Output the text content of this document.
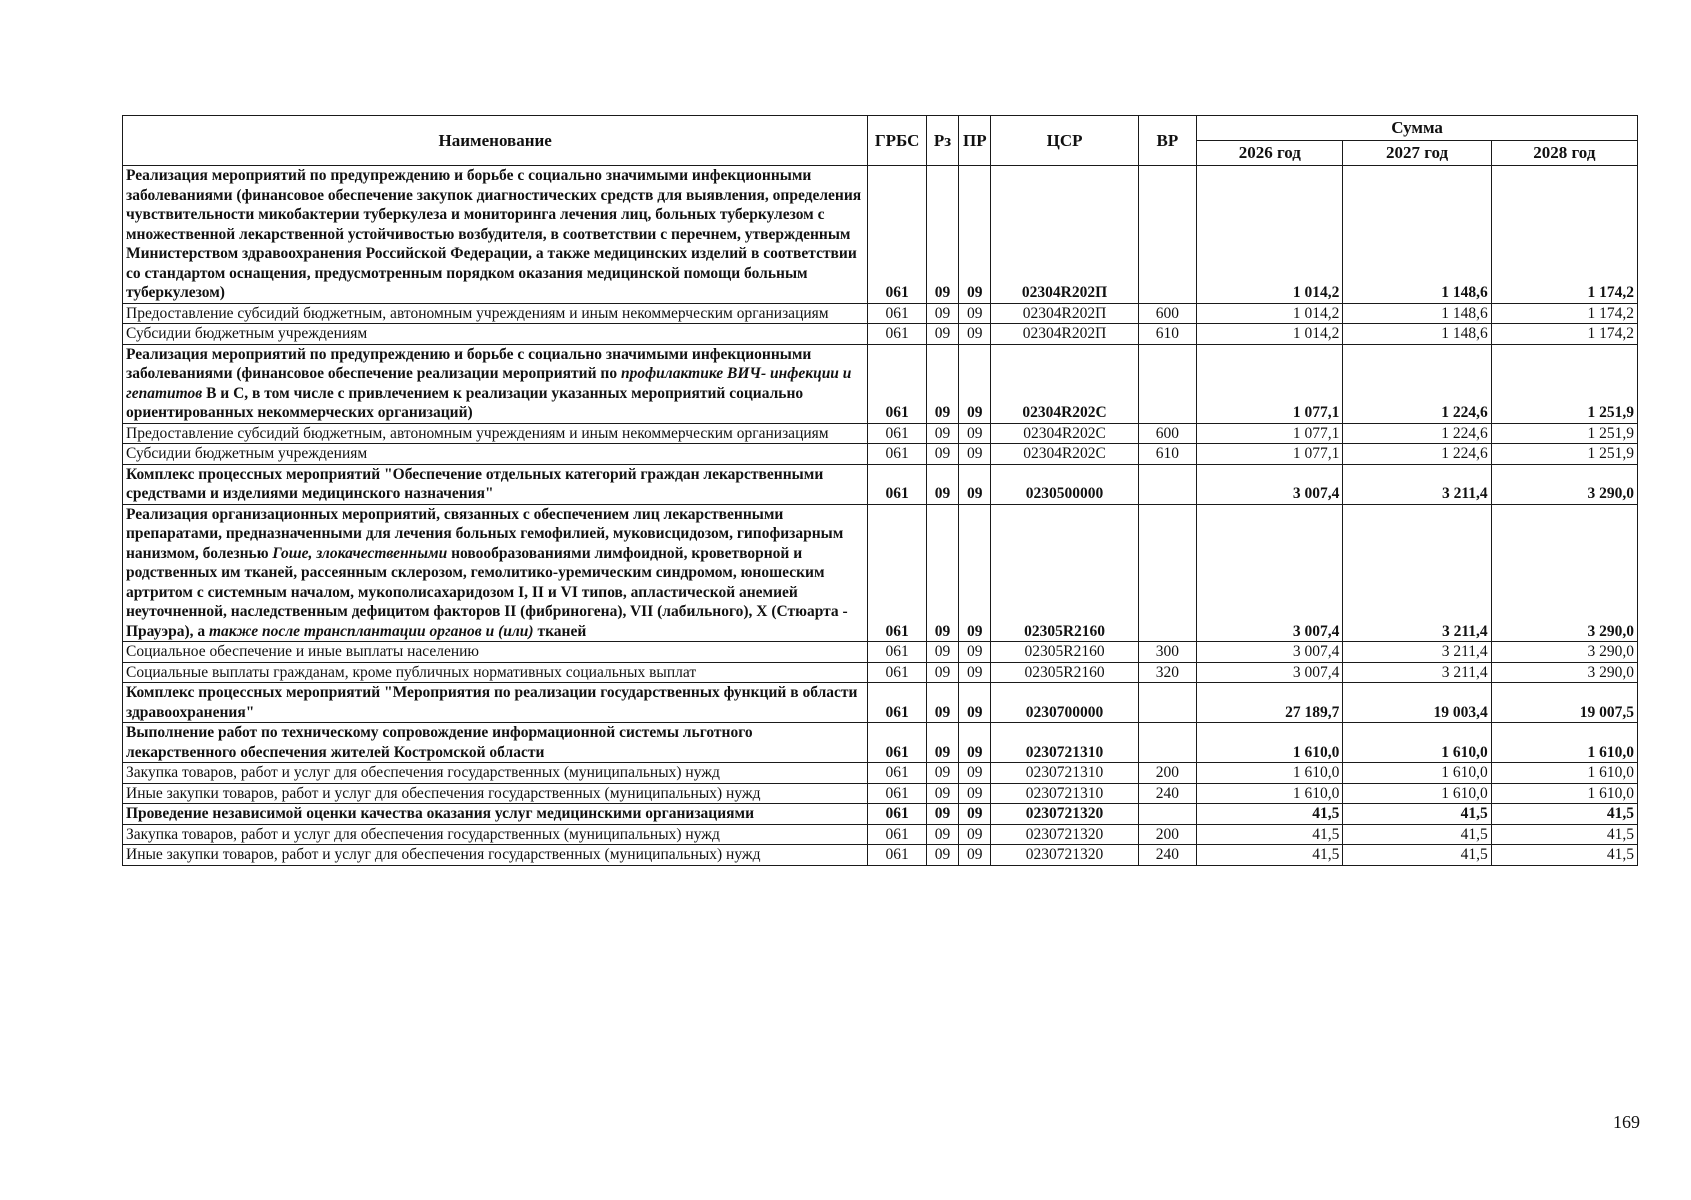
Наименование	ГРБС	Рз	ПР	ЦСР	ВР	Сумма		
						2026 год	2027 год	2028 год
Реализация мероприятий по предупреждению и борьбе с социально значимыми инфекционными заболеваниями (финансовое обеспечение закупок диагностических средств для выявления, определения чувствительности микобактерии туберкулеза и мониторинга лечения лиц, больных туберкулезом с множественной лекарственной устойчивостью возбудителя, в соответствии с перечнем, утвержденным Министерством здравоохранения Российской Федерации, а также медицинских изделий в соответствии со стандартом оснащения, предусмотренным порядком оказания медицинской помощи больным туберкулезом)	061	09	09	02304R202П		1 014,2	1 148,6	1 174,2
Предоставление субсидий бюджетным, автономным учреждениям и иным некоммерческим организациям	061	09	09	02304R202П	600	1 014,2	1 148,6	1 174,2
Субсидии бюджетным учреждениям	061	09	09	02304R202П	610	1 014,2	1 148,6	1 174,2
Реализация мероприятий по предупреждению и борьбе с социально значимыми инфекционными заболеваниями (финансовое обеспечение реализации мероприятий по профилактике ВИЧ- инфекции и гепатитов В и С, в том числе с привлечением к реализации указанных мероприятий социально ориентированных некоммерческих организаций)	061	09	09	02304R202С		1 077,1	1 224,6	1 251,9
Предоставление субсидий бюджетным, автономным учреждениям и иным некоммерческим организациям	061	09	09	02304R202С	600	1 077,1	1 224,6	1 251,9
Субсидии бюджетным учреждениям	061	09	09	02304R202С	610	1 077,1	1 224,6	1 251,9
Комплекс процессных мероприятий "Обеспечение отдельных категорий граждан лекарственными средствами и изделиями медицинского назначения"	061	09	09	0230500000		3 007,4	3 211,4	3 290,0
Реализация организационных мероприятий, связанных с обеспечением лиц лекарственными препаратами, предназначенными для лечения больных гемофилией, муковисцидозом, гипофизарным нанизмом, болезнью Гоше, злокачественными новообразованиями лимфоидной, кроветворной и родственных им тканей, рассеянным склерозом, гемолитико-уремическим синдромом, юношеским артритом с системным началом, мукополисахаридозом I, II и VI типов, апластической анемией неуточненной, наследственным дефицитом факторов II (фибриногена), VII (лабильного), X (Стюарта - Прауэра), а также после трансплантации органов и (или) тканей	061	09	09	02305R2160		3 007,4	3 211,4	3 290,0
Социальное обеспечение и иные выплаты населению	061	09	09	02305R2160	300	3 007,4	3 211,4	3 290,0
Социальные выплаты гражданам, кроме публичных нормативных социальных выплат	061	09	09	02305R2160	320	3 007,4	3 211,4	3 290,0
Комплекс процессных мероприятий "Мероприятия по реализации государственных функций в области здравоохранения"	061	09	09	0230700000		27 189,7	19 003,4	19 007,5
Выполнение работ по техническому сопровождение информационной системы льготного лекарственного обеспечения жителей Костромской области	061	09	09	0230721310		1 610,0	1 610,0	1 610,0
Закупка товаров, работ и услуг для обеспечения государственных (муниципальных) нужд	061	09	09	0230721310	200	1 610,0	1 610,0	1 610,0
Иные закупки товаров, работ и услуг для обеспечения государственных (муниципальных) нужд	061	09	09	0230721310	240	1 610,0	1 610,0	1 610,0
Проведение независимой оценки качества оказания услуг медицинскими организациями	061	09	09	0230721320		41,5	41,5	41,5
Закупка товаров, работ и услуг для обеспечения государственных (муниципальных) нужд	061	09	09	0230721320	200	41,5	41,5	41,5
Иные закупки товаров, работ и услуг для обеспечения государственных (муниципальных) нужд	061	09	09	0230721320	240	41,5	41,5	41,5
169
